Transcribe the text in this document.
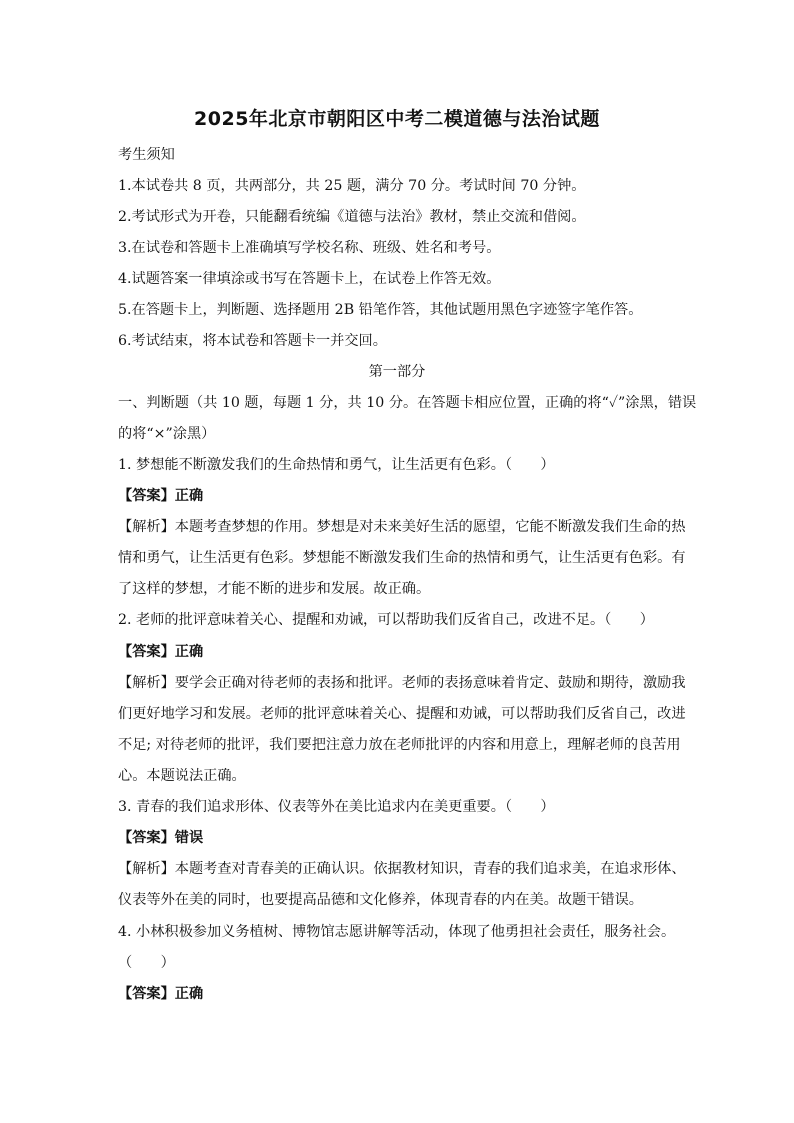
2025年北京市朝阳区中考二模道德与法治试题
考生须知
1.本试卷共 8 页，共两部分，共 25 题，满分 70 分。考试时间 70 分钟。
2.考试形式为开卷，只能翻看统编《道德与法治》教材，禁止交流和借阅。
3.在试卷和答题卡上准确填写学校名称、班级、姓名和考号。
4.试题答案一律填涂或书写在答题卡上，在试卷上作答无效。
5.在答题卡上，判断题、选择题用 2B 铅笔作答，其他试题用黑色字迹签字笔作答。
6.考试结束，将本试卷和答题卡一并交回。
第一部分
一、判断题（共 10 题，每题 1 分，共 10 分。在答题卡相应位置，正确的将“✓”涂黑，错误
的将“×”涂黑）
1. 梦想能不断激发我们的生命热情和勇气，让生活更有色彩。（　　）
【答案】正确
【解析】本题考查梦想的作用。梦想是对未来美好生活的愿望，它能不断激发我们生命的热
情和勇气，让生活更有色彩。梦想能不断激发我们生命的热情和勇气，让生活更有色彩。有
了这样的梦想，才能不断的进步和发展。故正确。
2. 老师的批评意味着关心、提醒和劝诫，可以帮助我们反省自己，改进不足。（　　）
【答案】正确
【解析】要学会正确对待老师的表扬和批评。老师的表扬意味着肯定、鼓励和期待，激励我
们更好地学习和发展。老师的批评意味着关心、提醒和劝诫，可以帮助我们反省自己，改进
不足; 对待老师的批评，我们要把注意力放在老师批评的内容和用意上，理解老师的良苦用
心。本题说法正确。
3. 青春的我们追求形体、仪表等外在美比追求内在美更重要。（　　）
【答案】错误
【解析】本题考查对青春美的正确认识。依据教材知识，青春的我们追求美，在追求形体、
仪表等外在美的同时，也要提高品德和文化修养，体现青春的内在美。故题干错误。
4. 小林积极参加义务植树、博物馆志愿讲解等活动，体现了他勇担社会责任，服务社会。
（　　）
【答案】正确
